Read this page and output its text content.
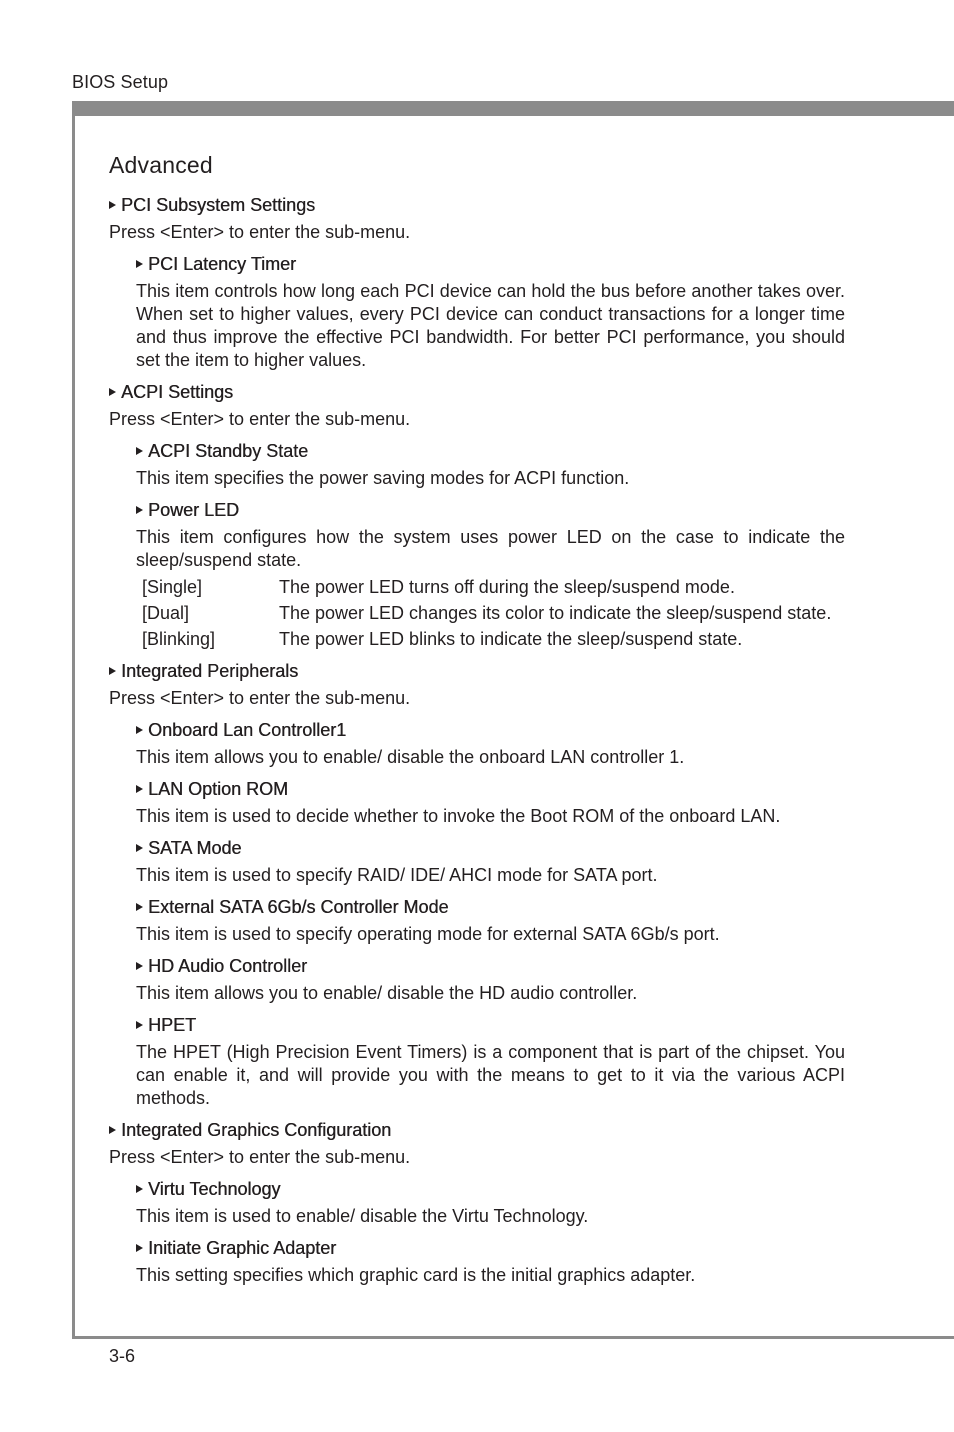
BIOS Setup
Advanced
PCI Subsystem Settings
Press <Enter> to enter the sub-menu.
PCI Latency Timer
This item controls how long each PCI device can hold the bus before another takes over. When set to higher values, every PCI device can conduct transactions for a longer time and thus improve the effective PCI bandwidth. For better PCI performance, you should set the item to higher values.
ACPI Settings
Press <Enter> to enter the sub-menu.
ACPI Standby State
This item specifies the power saving modes for ACPI function.
Power LED
This item configures how the system uses power LED on the case to indicate the sleep/suspend state.
[Single]	The power LED turns off during the sleep/suspend mode.
[Dual]	The power LED changes its color to indicate the sleep/suspend state.
[Blinking]	The power LED blinks to indicate the sleep/suspend state.
Integrated Peripherals
Press <Enter> to enter the sub-menu.
Onboard Lan Controller1
This item allows you to enable/ disable the onboard LAN controller 1.
LAN Option ROM
This item is used to decide whether to invoke the Boot ROM of the onboard LAN.
SATA Mode
This item is used to specify RAID/ IDE/ AHCI mode for SATA port.
External SATA 6Gb/s Controller Mode
This item is used to specify operating mode for external SATA 6Gb/s port.
HD Audio Controller
This item allows you to enable/ disable the HD audio controller.
HPET
The HPET (High Precision Event Timers) is a component that is part of the chipset. You can enable it, and will provide you with the means to get to it via the various ACPI methods.
Integrated Graphics Configuration
Press <Enter> to enter the sub-menu.
Virtu Technology
This item is used to enable/ disable the Virtu Technology.
Initiate Graphic Adapter
This setting specifies which graphic card is the initial graphics adapter.
3-6
